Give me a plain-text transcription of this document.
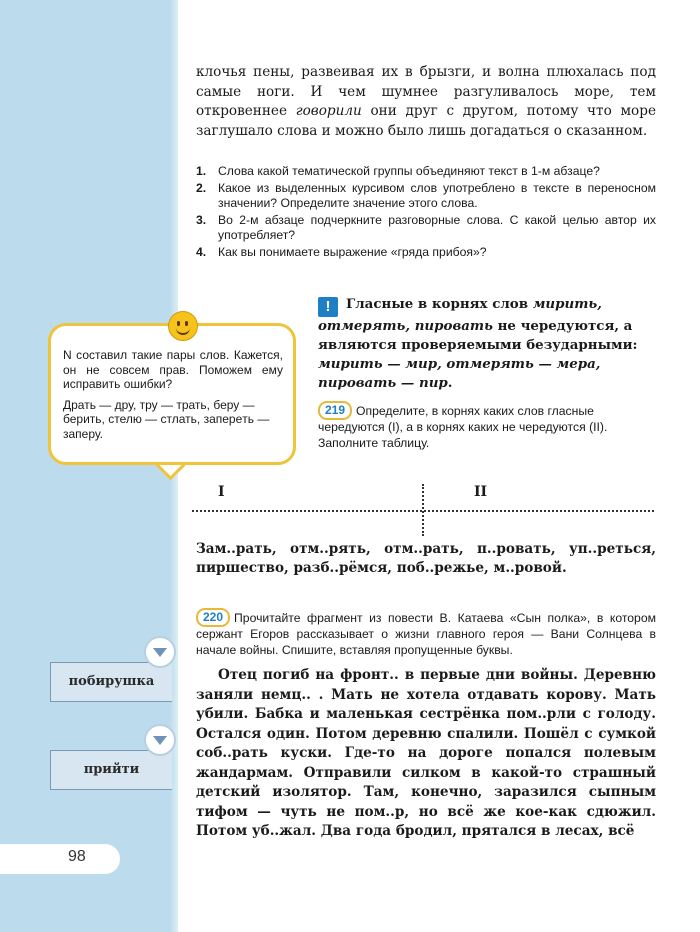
клочья пены, развеивая их в брызги, и волна плюхалась под самые ноги. И чем шумнее разгуливалось море, тем откровеннее говорили они друг с другом, потому что море заглушало слова и можно было лишь догадаться о сказанном.
1. Слова какой тематической группы объединяют текст в 1-м абзаце?
2. Какое из выделенных курсивом слов употреблено в тексте в переносном значении? Определите значение этого слова.
3. Во 2-м абзаце подчеркните разговорные слова. С какой целью автор их употребляет?
4. Как вы понимаете выражение «гряда прибоя»?
! Гласные в корнях слов мирить, отмерять, пировать не чередуются, а являются проверяемыми безударными: мирить — мир, отмерять — мера, пировать — пир.
219 Определите, в корнях каких слов гласные чередуются (I), а в корнях каких не чередуются (II). Заполните таблицу.

N составил такие пары слов. Кажется, он не совсем прав. Поможем ему исправить ошибки?

Драть — дру, тру — трать, беру — берить, стелю — стлать, заперeть — заперу.

I	II
Зам..рать, отм..рять, отм..рать, п..ровать, уп..реться, пиршество, разб..рёмся, поб..режье, м..ровой.
220 Прочитайте фрагмент из повести В. Катаева «Сын полка», в котором сержант Егоров рассказывает о жизни главного героя — Вани Солнцева в начале войны. Спишите, вставляя пропущенные буквы.
Отец погиб на фронт.. в первые дни войны. Деревню заняли немц.. . Мать не хотела отдавать корову. Мать убили. Бабка и маленькая сестрёнка пом..рли с голоду. Остался один. Потом деревню спалили. Пошёл с сумкой соб..рать куски. Где-то на дороге попался полевым жандармам. Отправили силком в какой-то страшный детский изолятор. Там, конечно, заразился сыпным тифом — чуть не пом..р, но всё же кое-как сдюжил. Потом уб..жал. Два года бродил, прятался в лесах, всё
побирушка
прийти
98
